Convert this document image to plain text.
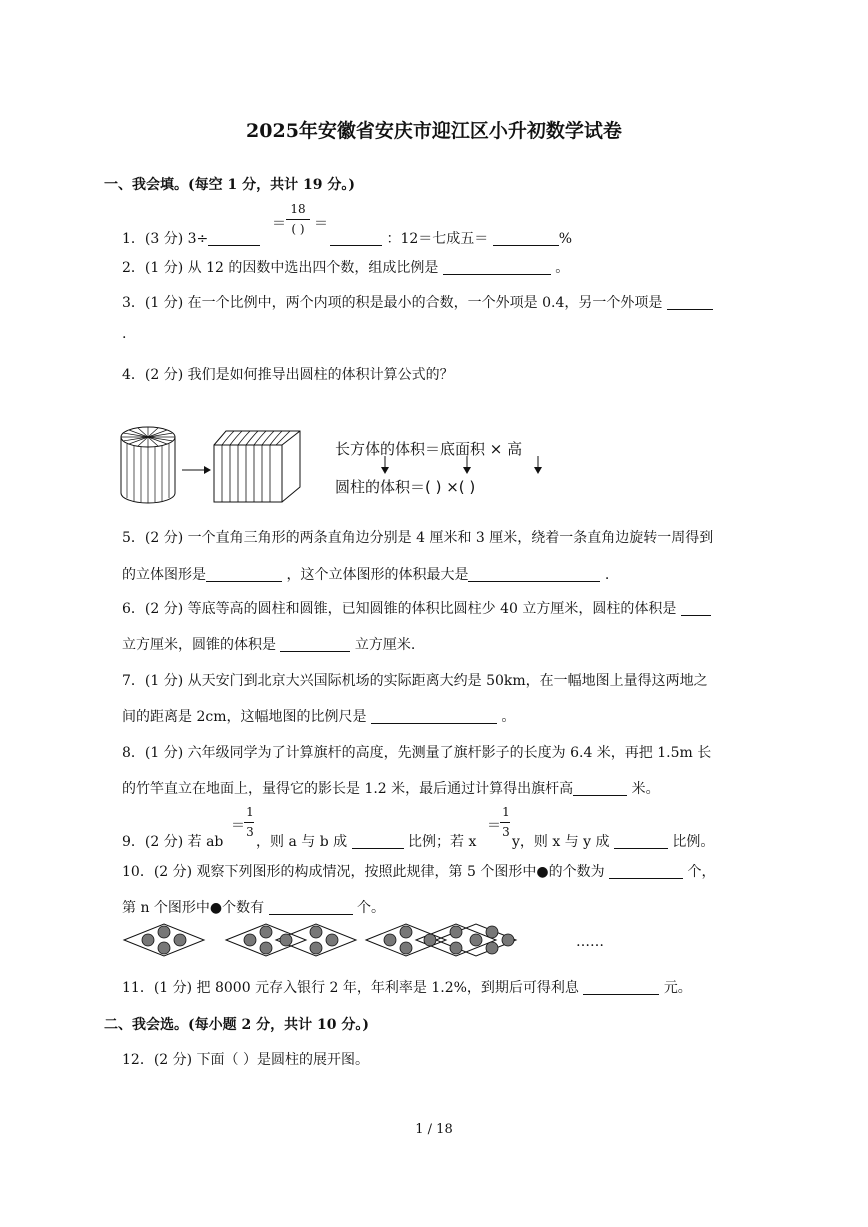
2025年安徽省安庆市迎江区小升初数学试卷
一、我会填。(每空 1 分，共计 19 分。)
1．(3 分) 3÷
＝
18
( ) ＝
：12＝七成五＝	%
2．(1 分) 从 12 的因数中选出四个数，组成比例是	。
3．(1 分) 在一个比例中，两个内项的积是最小的合数，一个外项是 0.4，另一个外项是
.
4．(2 分) 我们是如何推导出圆柱的体积计算公式的？
长方体的体积＝底面积 × 高
圆柱的体积＝( ) ×( )
5．(2 分) 一个直角三角形的两条直角边分别是 4 厘米和 3 厘米，绕着一条直角边旋转一周得到
的立体图形是	，这个立体图形的体积最大是	.
6．(2 分) 等底等高的圆柱和圆锥，已知圆锥的体积比圆柱少 40 立方厘米，圆柱的体积是
立方厘米，圆锥的体积是	立方厘米.
7．(1 分) 从天安门到北京大兴国际机场的实际距离大约是 50km，在一幅地图上量得这两地之
间的距离是 2cm，这幅地图的比例尺是	。
8．(1 分) 六年级同学为了计算旗杆的高度，先测量了旗杆影子的长度为 6.4 米，再把 1.5m 长
的竹竿直立在地面上，量得它的影长是 1.2 米，最后通过计算得出旗杆高	米。
9．(2 分) 若 ab
＝
1
3
，则 a 与 b 成	比例；若 x
＝
1
3
y，则 x 与 y 成	比例。
10．(2 分) 观察下列图形的构成情况，按照此规律，第 5 个图形中●的个数为	个，
第 n 个图形中●个数有	个。
……
11．(1 分) 把 8000 元存入银行 2 年，年利率是 1.2%，到期后可得利息	元。
二、我会选。(每小题 2 分，共计 10 分。)
12．(2 分) 下面（ ）是圆柱的展开图。
1 / 18
